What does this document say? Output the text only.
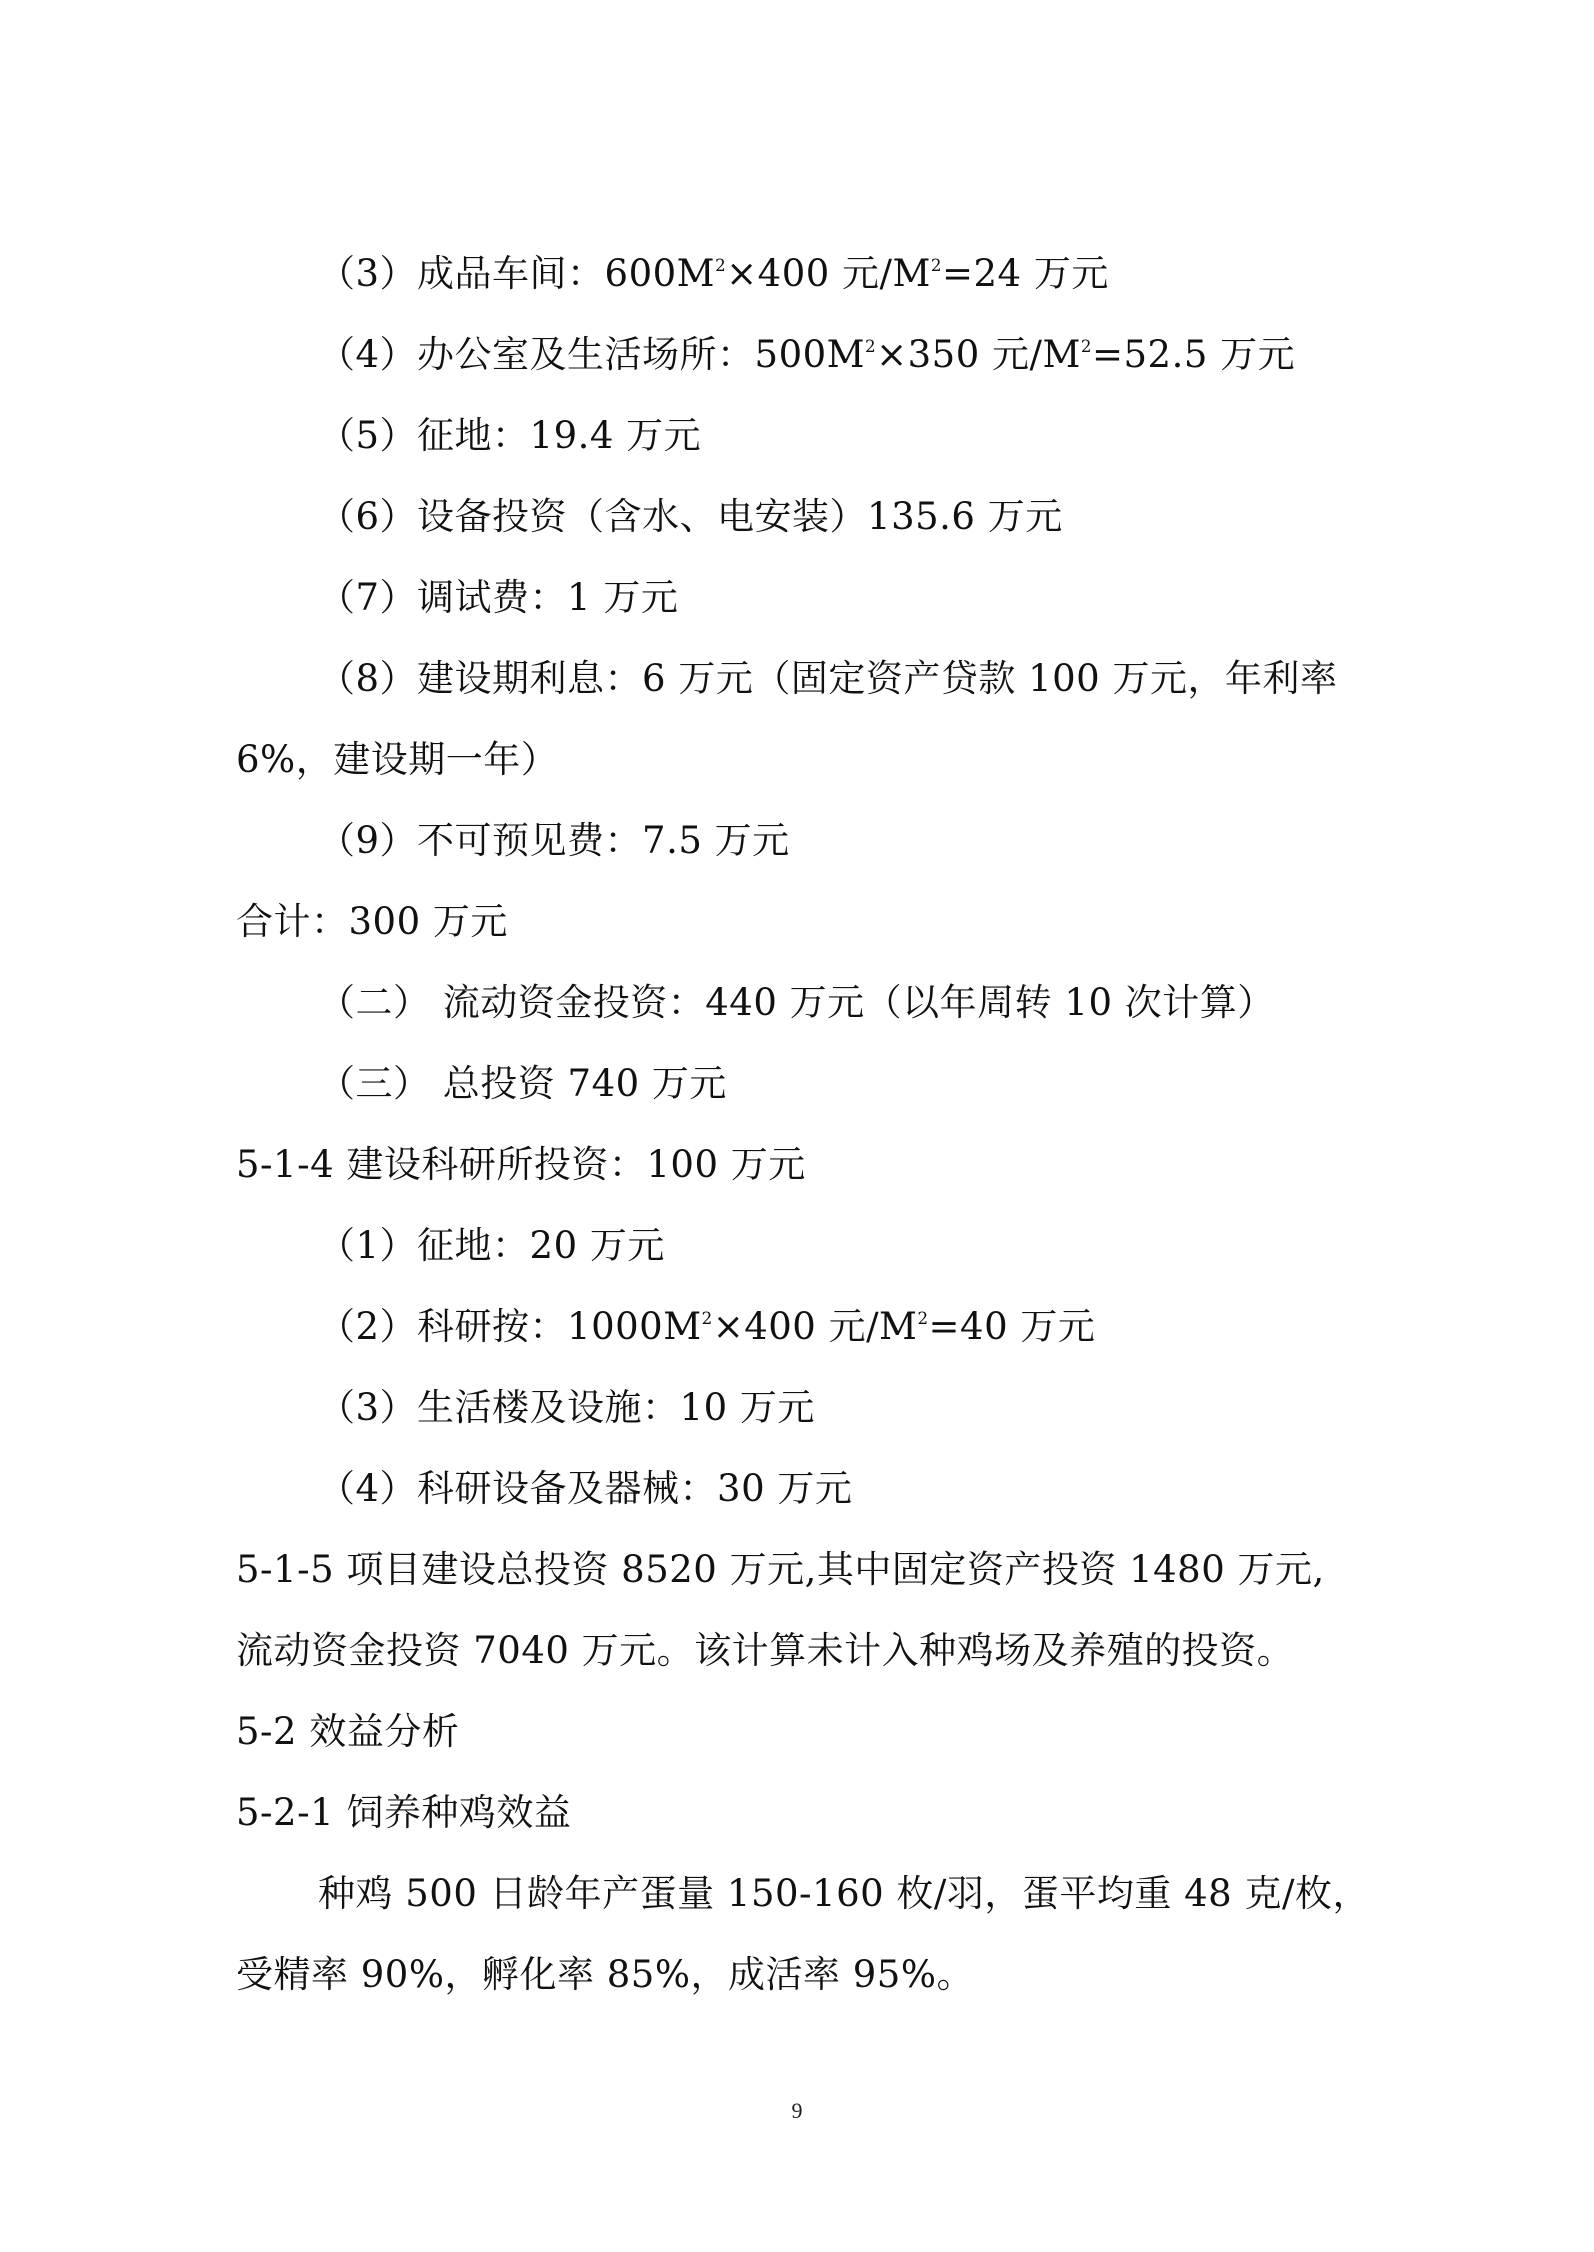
（3）成品车间：$600M^2\times 400$ 元$/M^2=24$ 万元
（4）办公室及生活场所：$500M^2\times 350$ 元$/M^2=52.5$ 万元
（5）征地：19.4 万元
（6）设备投资（含水、电安装）135.6 万元
（7）调试费：1 万元
（8）建设期利息：6 万元（固定资产贷款 100 万元，年利率
6%，建设期一年）
（9）不可预见费：7.5 万元
合计：300 万元
（二） 流动资金投资：440 万元（以年周转 10 次计算）
（三） 总投资 740 万元
5-1-4 建设科研所投资：100 万元
（1）征地：20 万元
（2）科研按：$1000M^2\times 400$ 元$/M^2=40$ 万元
（3）生活楼及设施：10 万元
（4）科研设备及器械：30 万元
5-1-5 项目建设总投资 8520 万元,其中固定资产投资 1480 万元,
流动资金投资 7040 万元。该计算未计入种鸡场及养殖的投资。
5-2 效益分析
5-2-1 饲养种鸡效益
种鸡 500 日龄年产蛋量 150-160 枚/羽，蛋平均重 48 克/枚，
受精率 90%，孵化率 85%，成活率 95%。
9
